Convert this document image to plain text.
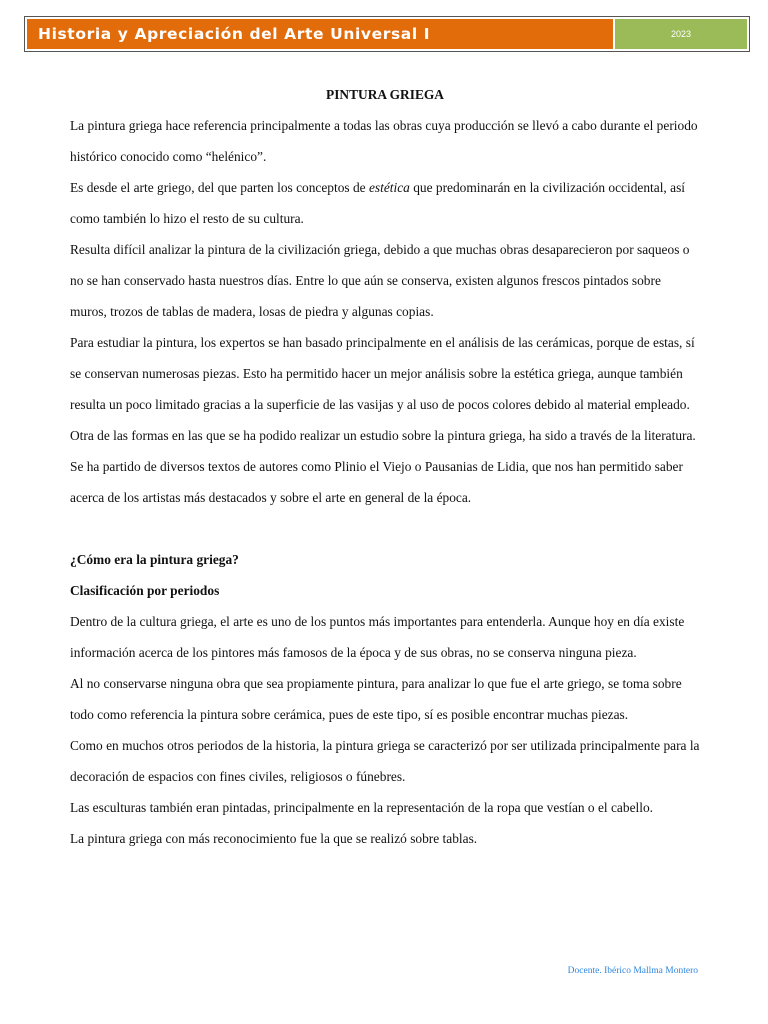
Historia y Apreciación del Arte Universal I	2023

PINTURA GRIEGA

La pintura griega hace referencia principalmente a todas las obras cuya producción se llevó a cabo durante el periodo histórico conocido como “helénico”.

Es desde el arte griego, del que parten los conceptos de estética que predominarán en la civilización occidental, así como también lo hizo el resto de su cultura.

Resulta difícil analizar la pintura de la civilización griega, debido a que muchas obras desaparecieron por saqueos o no se han conservado hasta nuestros días. Entre lo que aún se conserva, existen algunos frescos pintados sobre muros, trozos de tablas de madera, losas de piedra y algunas copias.

Para estudiar la pintura, los expertos se han basado principalmente en el análisis de las cerámicas, porque de estas, sí se conservan numerosas piezas. Esto ha permitido hacer un mejor análisis sobre la estética griega, aunque también resulta un poco limitado gracias a la superficie de las vasijas y al uso de pocos colores debido al material empleado.

Otra de las formas en las que se ha podido realizar un estudio sobre la pintura griega, ha sido a través de la literatura. Se ha partido de diversos textos de autores como Plinio el Viejo o Pausanias de Lidia, que nos han permitido saber acerca de los artistas más destacados y sobre el arte en general de la época.

¿Cómo era la pintura griega?

Clasificación por periodos

Dentro de la cultura griega, el arte es uno de los puntos más importantes para entenderla. Aunque hoy en día existe información acerca de los pintores más famosos de la época y de sus obras, no se conserva ninguna pieza.

Al no conservarse ninguna obra que sea propiamente pintura, para analizar lo que fue el arte griego, se toma sobre todo como referencia la pintura sobre cerámica, pues de este tipo, sí es posible encontrar muchas piezas.

Como en muchos otros periodos de la historia, la pintura griega se caracterizó por ser utilizada principalmente para la decoración de espacios con fines civiles, religiosos o fúnebres.

Las esculturas también eran pintadas, principalmente en la representación de la ropa que vestían o el cabello.

La pintura griega con más reconocimiento fue la que se realizó sobre tablas.

Docente. Ibérico Mallma Montero
